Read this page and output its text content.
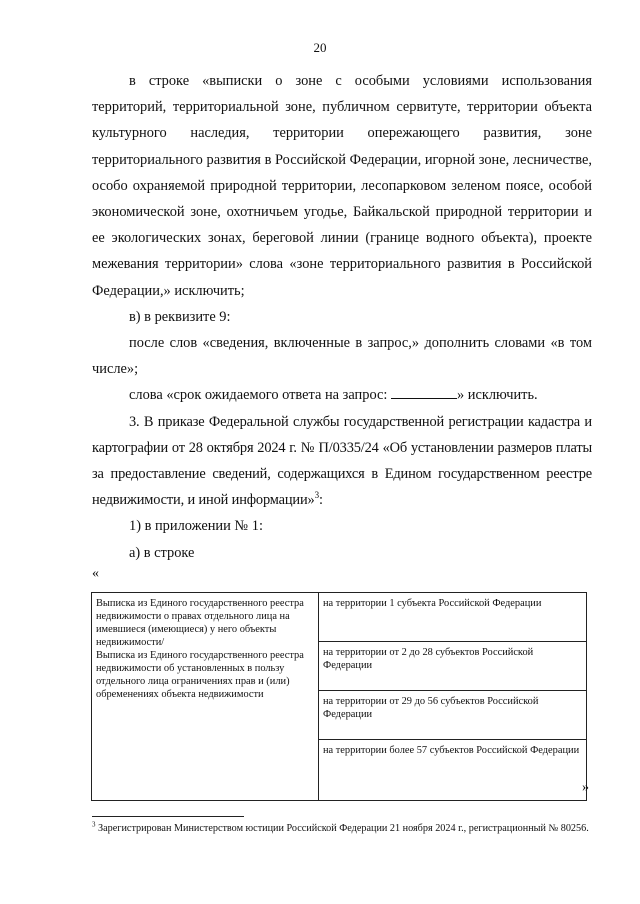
20

в строке «выписки о зоне с особыми условиями использования территорий, территориальной зоне, публичном сервитуте, территории объекта культурного наследия, территории опережающего развития, зоне территориального развития в Российской Федерации, игорной зоне, лесничестве, особо охраняемой природной территории, лесопарковом зеленом поясе, особой экономической зоне, охотничьем угодье, Байкальской природной территории и ее экологических зонах, береговой линии (границе водного объекта), проекте межевания территории» слова «зоне территориального развития в Российской Федерации,» исключить;

в) в реквизите 9:

после слов «сведения, включенные в запрос,» дополнить словами «в том числе»;

слова «срок ожидаемого ответа на запрос:	» исключить.

3. В приказе Федеральной службы государственной регистрации кадастра и картографии от 28 октября 2024 г. № П/0335/24 «Об установлении размеров платы за предоставление сведений, содержащихся в Едином государственном реестре недвижимости, и иной информации»$^3$:

1) в приложении № 1:

а) в строке

«
Выписка из Единого государственного реестра недвижимости о правах отдельного лица на имевшиеся (имеющиеся) у него объекты недвижимости/
Выписка из Единого государственного реестра недвижимости об установленных в пользу отдельного лица ограничениях прав и (или) обременениях объекта недвижимости
	на территории 1 субъекта Российской Федерации
на территории от 2 до 28 субъектов Российской Федерации
на территории от 29 до 56 субъектов Российской Федерации
на территории более 57 субъектов Российской Федерации
»
$^3$ Зарегистрирован Министерством юстиции Российской Федерации 21 ноября 2024 г., регистрационный № 80256.
